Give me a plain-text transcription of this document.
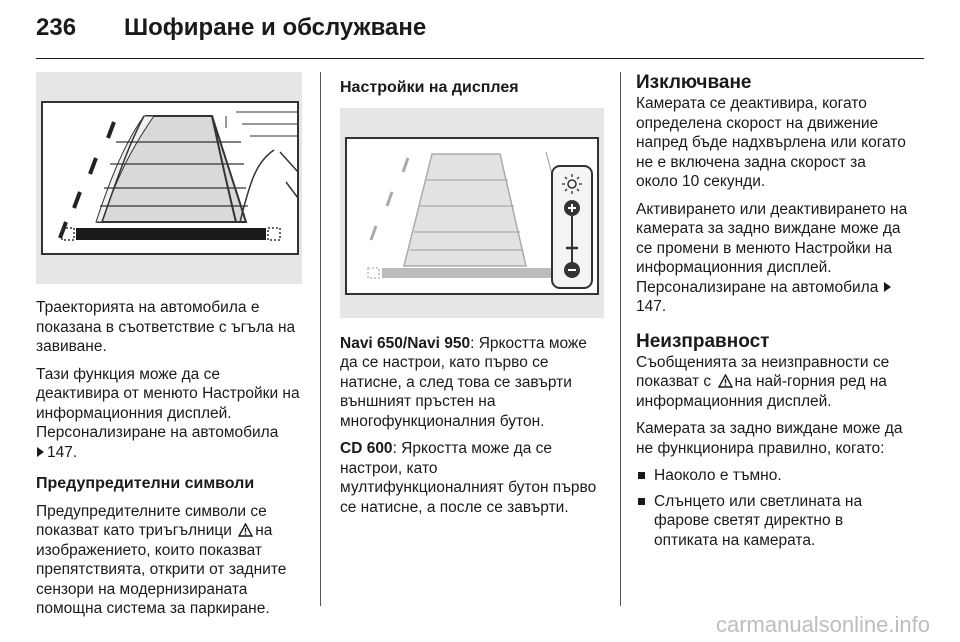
236 Шофиране и обслужване

Траекторията на автомобила е показана в съответствие с ъгъла на завиване.

Тази функция може да се деактивира от менюто Настройки на информационния дисплей. Персонализиране на автомобила
147.

Предупредителни символи

Предупредителните символи се показват като триъгълници на изображението, които показват препятствията, открити от задните сензори на модернизираната помощна система за паркиране.

Настройки на дисплея

Navi 650/Navi 950: Яркостта може да се настрои, като първо се натисне, а след това се завърти външният пръстен на многофункционалния бутон.

CD 600: Яркостта може да се настрои, като мултифункционалният бутон първо се натисне, а после се завърти.

Изключване

Камерата се деактивира, когато определена скорост на движение напред бъде надхвърлена или когато не е включена задна скорост за около 10 секунди.

Активирането или деактивирането на камерата за задно виждане може да се промени в менюто Настройки на информационния дисплей. Персонализиране на автомобила 147.

Неизправност

Съобщенията за неизправности се показват с на най-горния ред на информационния дисплей.

Камерата за задно виждане може да не функционира правилно, когато:

Наоколо е тъмно.
Слънцето или светлината на фарове светят директно в оптиката на камерата.
carmanualsonline.info
